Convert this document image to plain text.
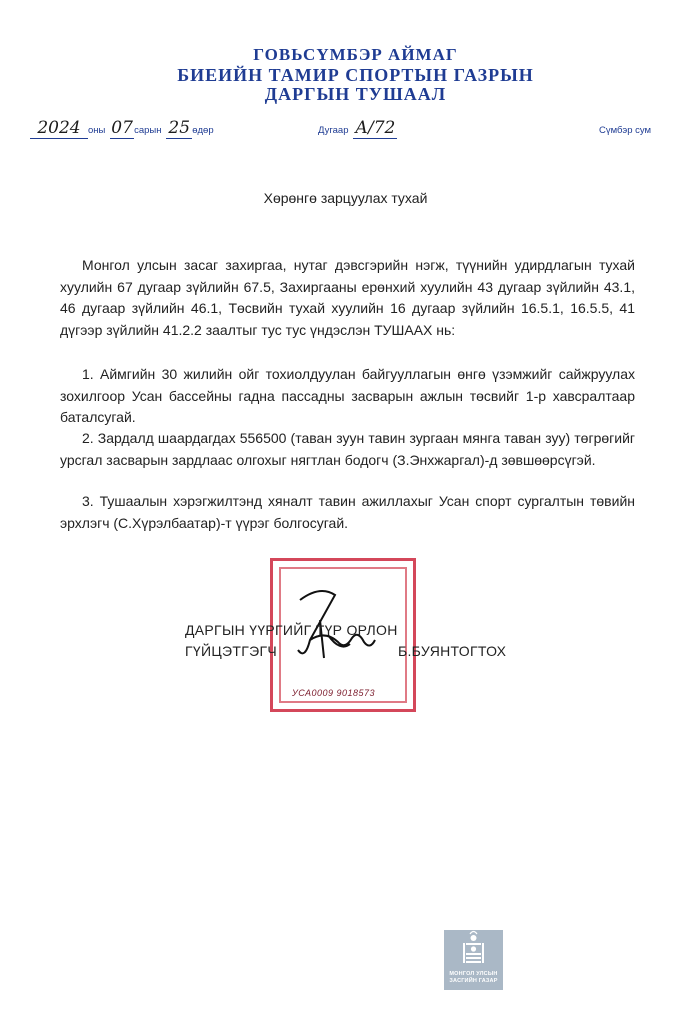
ГОВЬСҮМБЭР АЙМАГ
БИЕИЙН ТАМИР СПОРТЫН ГАЗРЫН
ДАРГЫН ТУШААЛ
2024 оны 07сарын 25 өдөр	Дугаар А/72	Сүмбэр сум
Хөрөнгө зарцуулах тухай

Монгол улсын засаг захиргаа, нутаг дэвсгэрийн нэгж, түүнийн удирдлагын тухай хуулийн 67 дугаар зүйлийн 67.5, Захиргааны ерөнхий хуулийн 43 дугаар зүйлийн 43.1, 46 дугаар зүйлийн 46.1, Төсвийн тухай хуулийн 16 дугаар зүйлийн 16.5.1, 16.5.5, 41 дүгээр зүйлийн 41.2.2 заалтыг тус тус үндэслэн ТУШААХ нь:

1. Аймгийн 30 жилийн ойг тохиолдуулан байгууллагын өнгө үзэмжийг сайжруулах зохилгоор Усан бассейны гадна пассадны засварын ажлын төсвийг 1-р хавсралтаар баталсугай.

2. Зардалд шаардагдах 556500 (таван зуун тавин зургаан мянга таван зуу) төгрөгийг урсгал засварын зардлаас олгохыг нягтлан бодогч (З.Энхжаргал)-д зөвшөөрсүгэй.

3. Тушаалын хэрэгжилтэнд хяналт тавин ажиллахыг Усан спорт сургалтын төвийн эрхлэгч (С.Хүрэлбаатар)-т үүрэг болгосугай.

УСА0009 9018573
ДАРГЫН ҮҮРГИЙГ ТҮР ОРЛОН
ГҮЙЦЭТГЭГЧ	Б.БУЯНТОГТОХ
МОНГОЛ УЛСЫН
ЗАСГИЙН ГАЗАР
